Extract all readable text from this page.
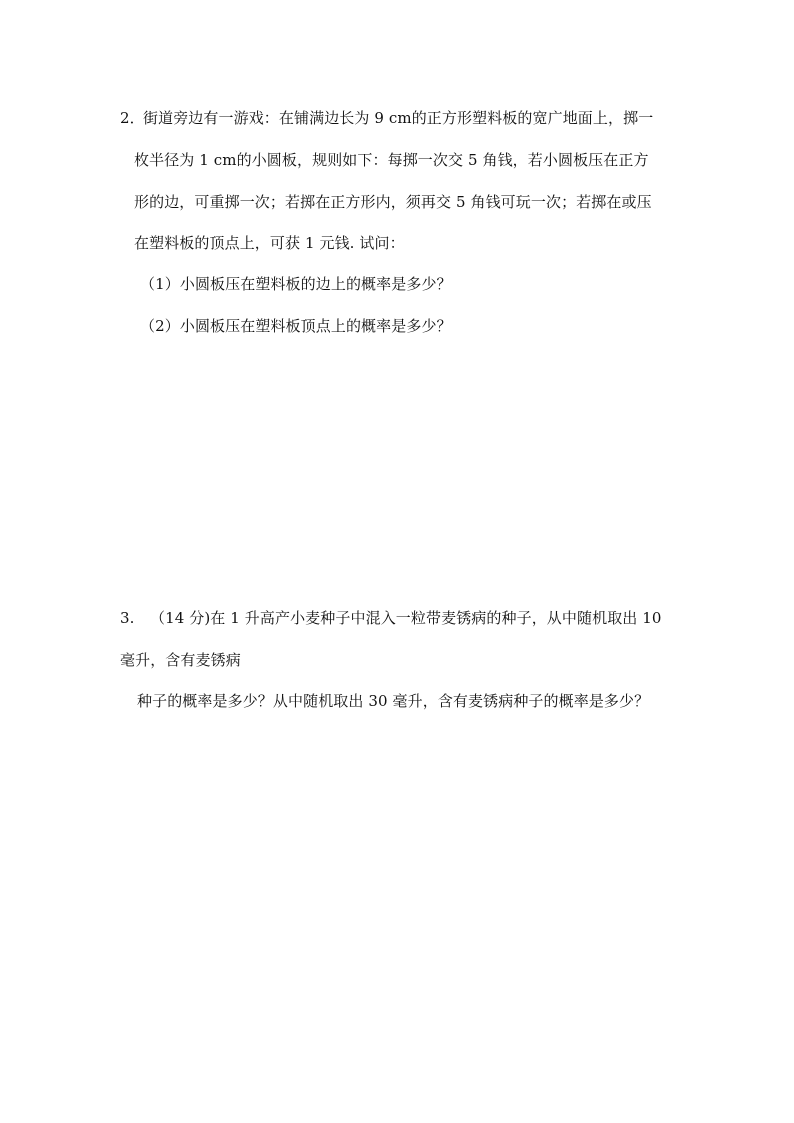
2．
街道旁边有一游戏：在铺满边长为 9 cm的正方形塑料板的宽广地面上，掷一
枚半径为 1 cm的小圆板，规则如下：每掷一次交 5 角钱，若小圆板压在正方
形的边，可重掷一次；若掷在正方形内，须再交 5 角钱可玩一次；若掷在或压
在塑料板的顶点上，可获 1 元钱. 试问：
（1）小圆板压在塑料板的边上的概率是多少？
（2）小圆板压在塑料板顶点上的概率是多少？
3. （14 分)在 1 升高产小麦种子中混入一粒带麦锈病的种子，从中随机取出 10
毫升，含有麦锈病
种子的概率是多少？从中随机取出 30 毫升，含有麦锈病种子的概率是多少？
